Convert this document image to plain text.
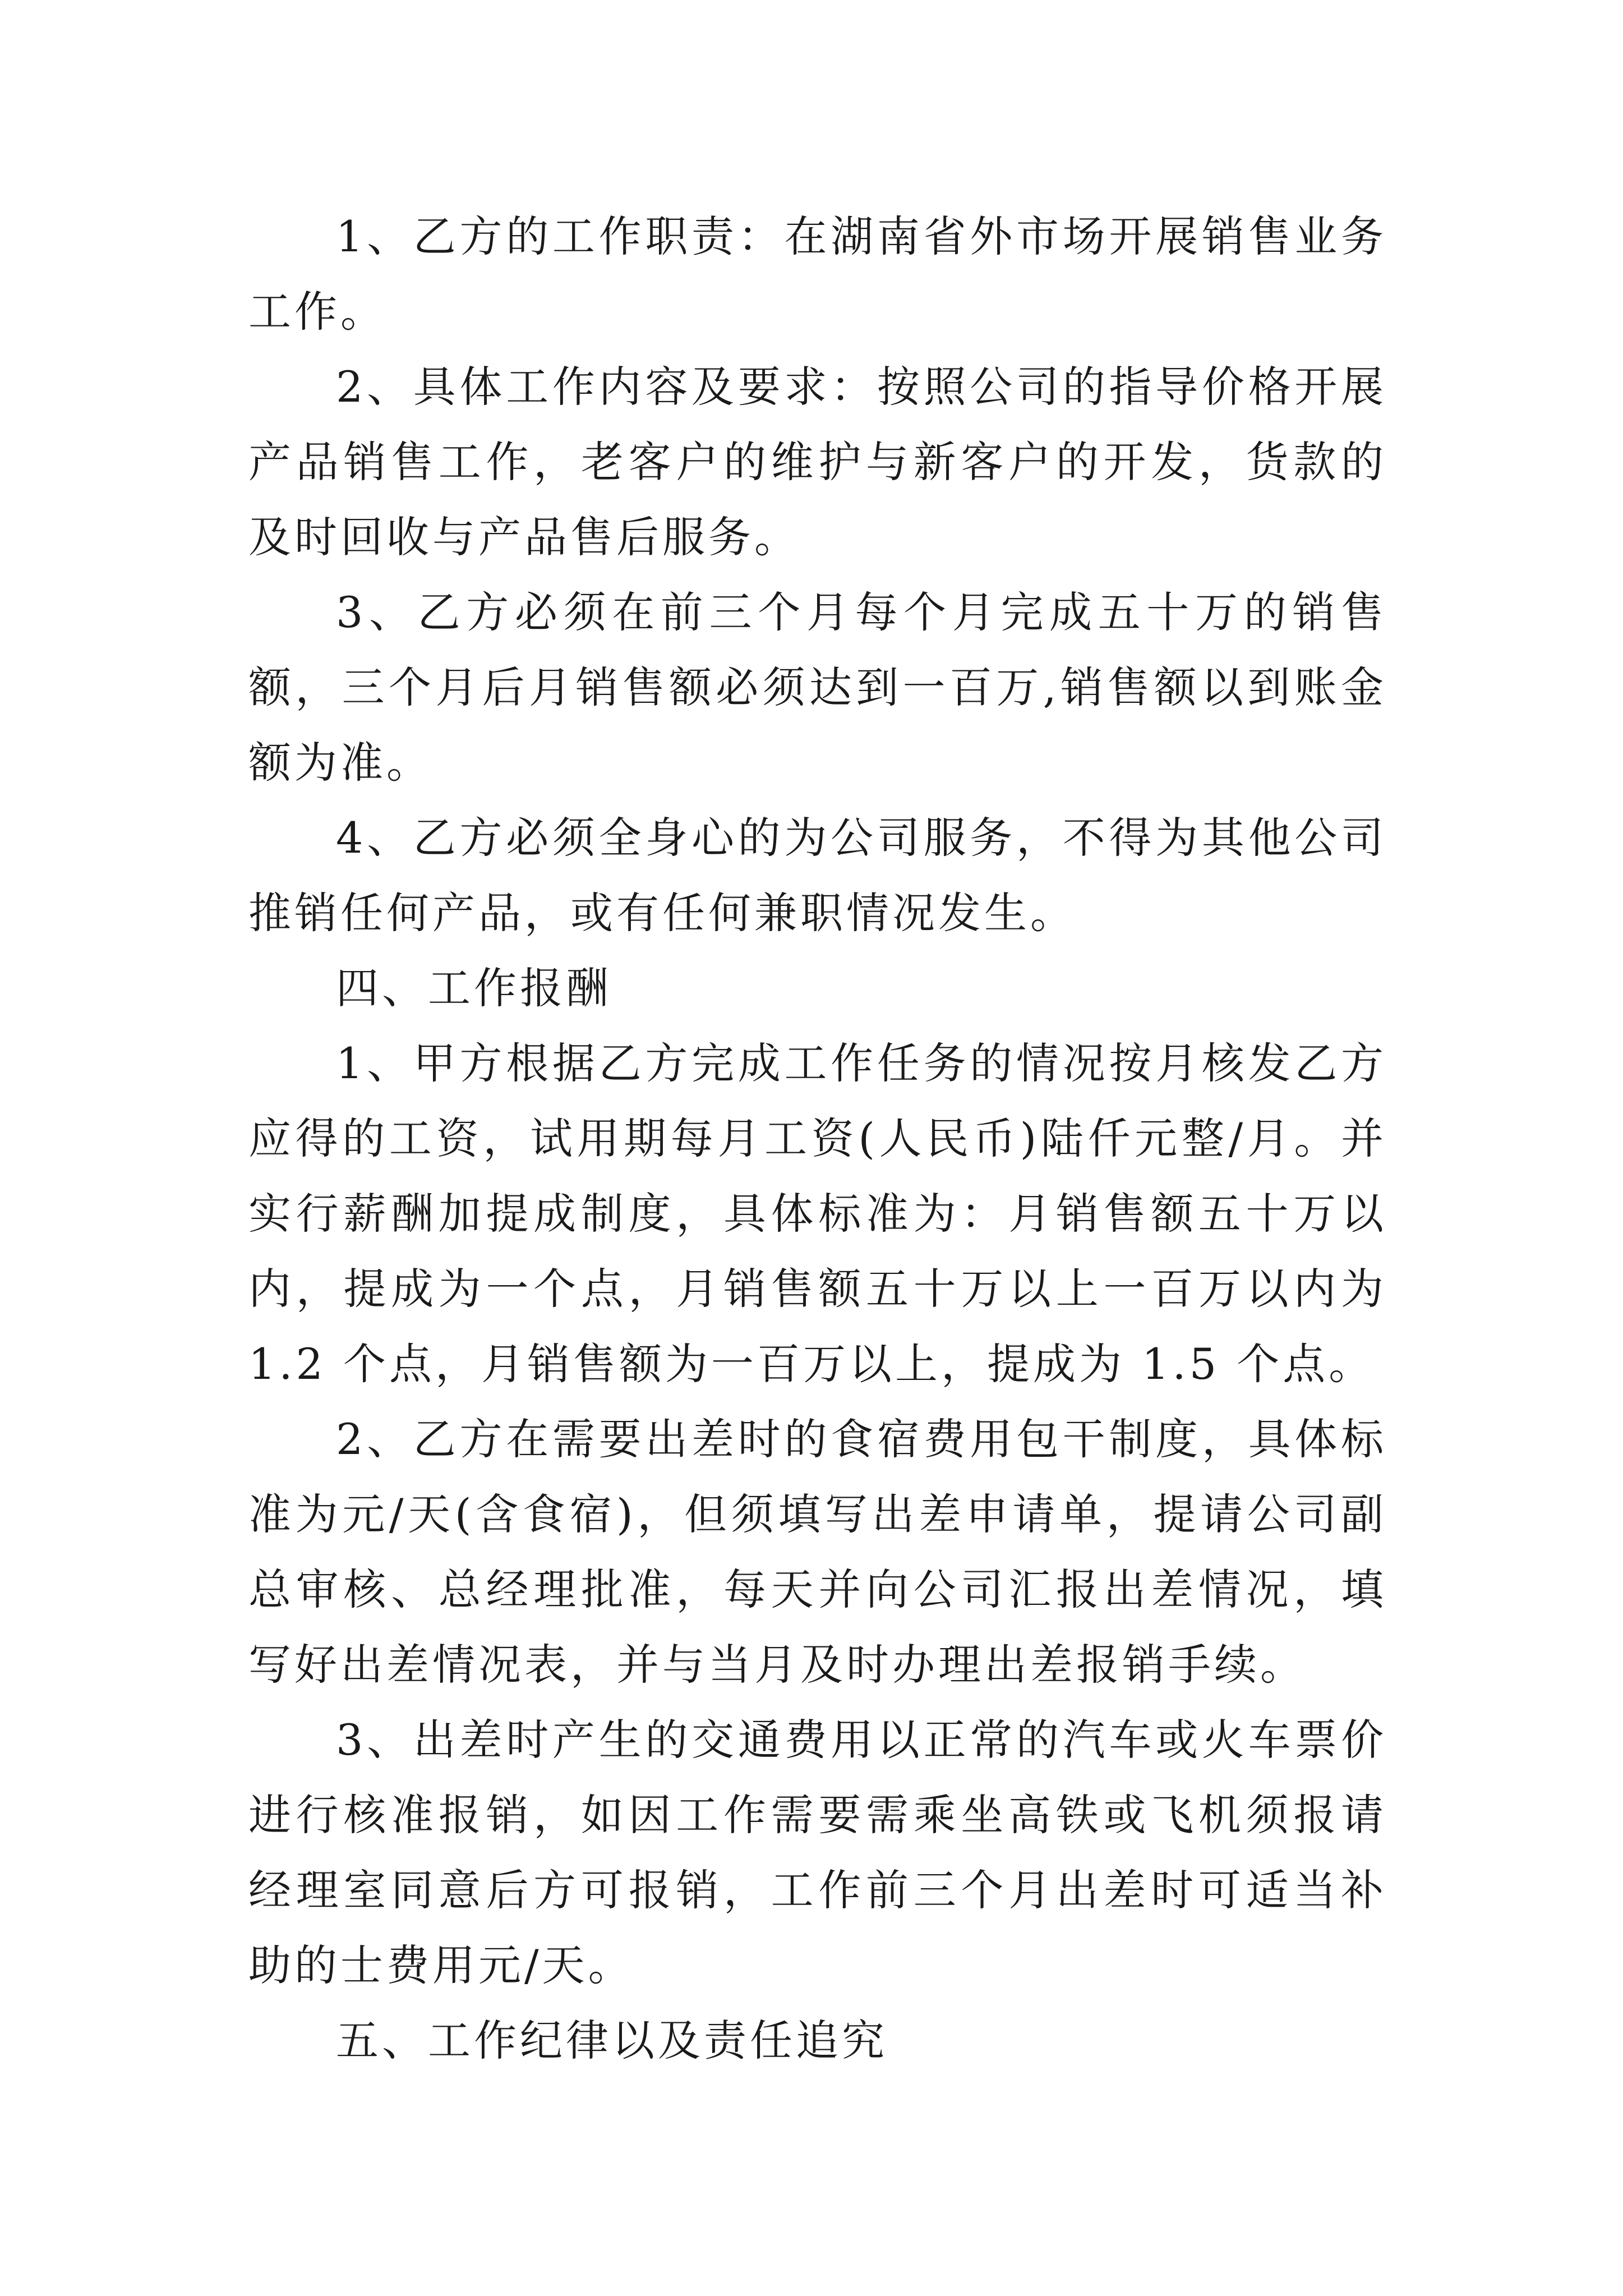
1、乙方的工作职责：在湖南省外市场开展销售业务工作。

2、具体工作内容及要求：按照公司的指导价格开展产品销售工作，老客户的维护与新客户的开发，货款的及时回收与产品售后服务。

3、乙方必须在前三个月每个月完成五十万的销售额，三个月后月销售额必须达到一百万,销售额以到账金额为准。

4、乙方必须全身心的为公司服务，不得为其他公司推销任何产品，或有任何兼职情况发生。

四、工作报酬

1、甲方根据乙方完成工作任务的情况按月核发乙方应得的工资，试用期每月工资(人民币)陆仟元整/月。并实行薪酬加提成制度，具体标准为：月销售额五十万以内，提成为一个点，月销售额五十万以上一百万以内为 1.2 个点，月销售额为一百万以上，提成为 1.5 个点。

2、乙方在需要出差时的食宿费用包干制度，具体标准为元/天(含食宿)，但须填写出差申请单，提请公司副总审核、总经理批准，每天并向公司汇报出差情况，填写好出差情况表，并与当月及时办理出差报销手续。

3、出差时产生的交通费用以正常的汽车或火车票价进行核准报销，如因工作需要需乘坐高铁或飞机须报请经理室同意后方可报销，工作前三个月出差时可适当补助的士费用元/天。

五、工作纪律以及责任追究
